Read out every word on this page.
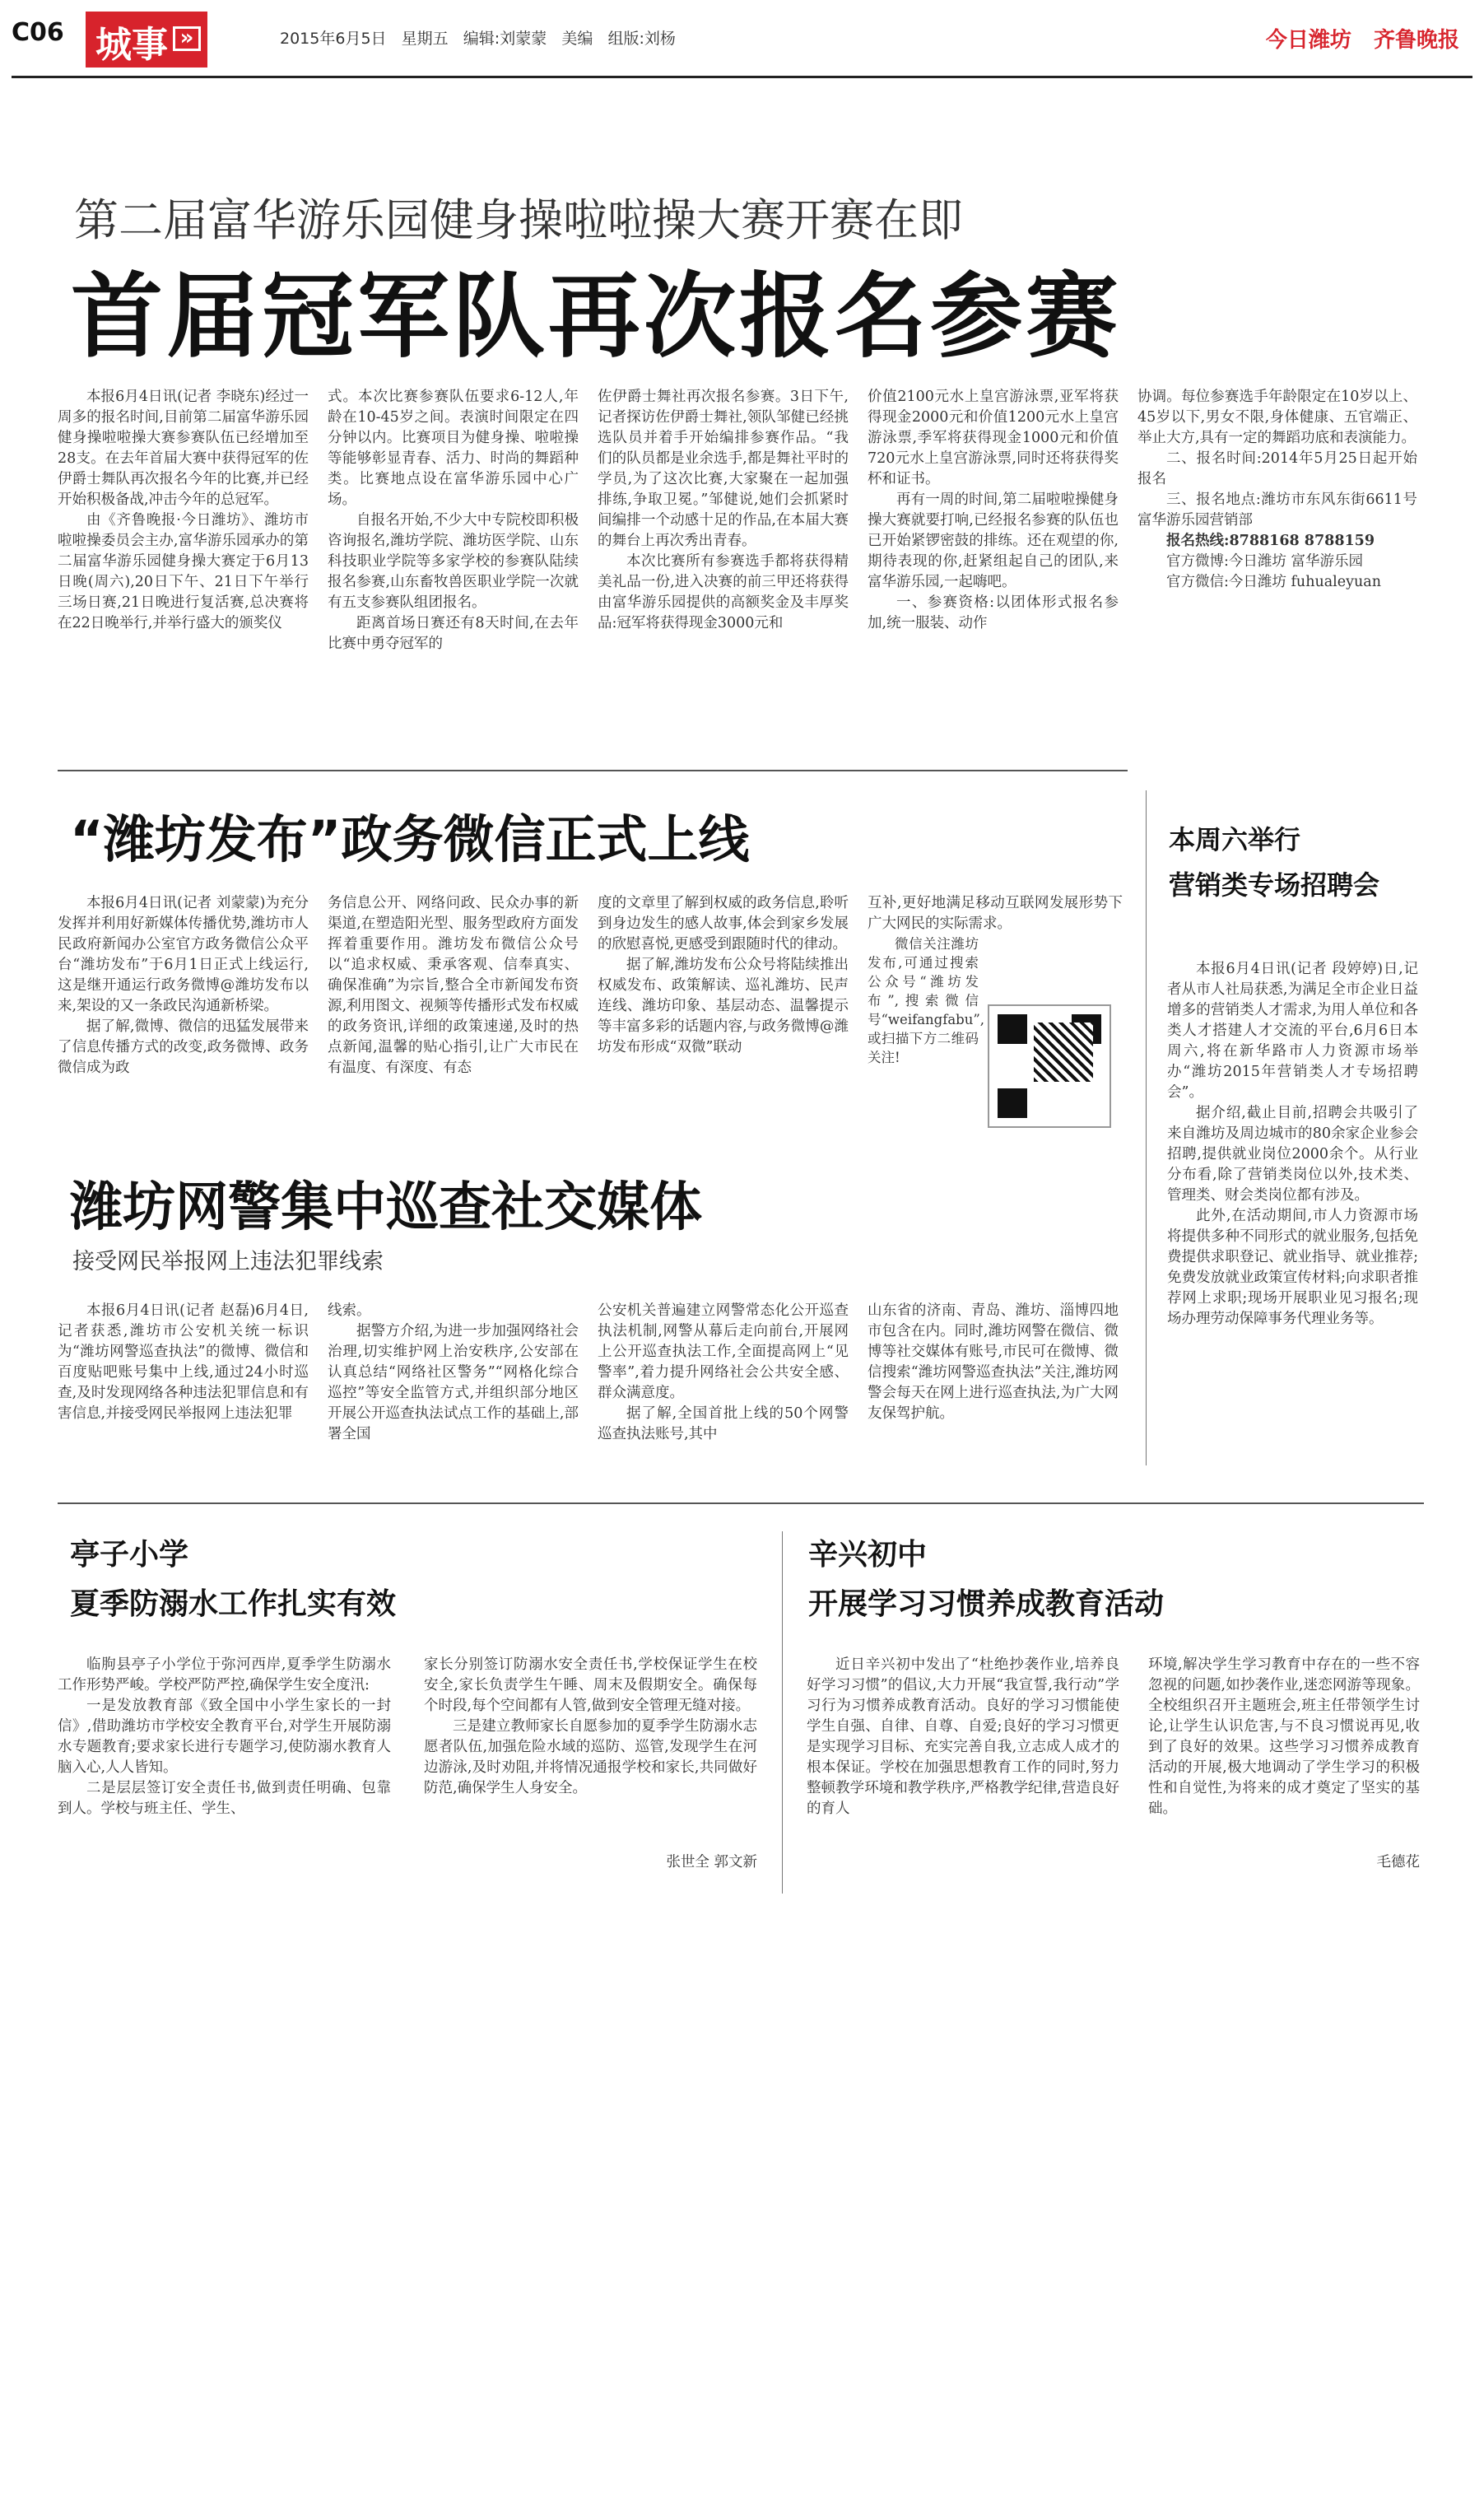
C06 城事 »	2015年6月5日 星期五 编辑:刘蒙蒙 美编 组版:刘杨	今日潍坊 齐鲁晚报
第二届富华游乐园健身操啦啦操大赛开赛在即
首届冠军队再次报名参赛

本报6月4日讯(记者 李晓东)经过一周多的报名时间,目前第二届富华游乐园健身操啦啦操大赛参赛队伍已经增加至28支。在去年首届大赛中获得冠军的佐伊爵士舞队再次报名今年的比赛,并已经开始积极备战,冲击今年的总冠军。

由《齐鲁晚报·今日潍坊》、潍坊市啦啦操委员会主办,富华游乐园承办的第二届富华游乐园健身操大赛定于6月13日晚(周六),20日下午、21日下午举行三场日赛,21日晚进行复活赛,总决赛将在22日晚举行,并举行盛大的颁奖仪

式。本次比赛参赛队伍要求6-12人,年龄在10-45岁之间。表演时间限定在四分钟以内。比赛项目为健身操、啦啦操等能够彰显青春、活力、时尚的舞蹈种类。比赛地点设在富华游乐园中心广场。

自报名开始,不少大中专院校即积极咨询报名,潍坊学院、潍坊医学院、山东科技职业学院等多家学校的参赛队陆续报名参赛,山东畜牧兽医职业学院一次就有五支参赛队组团报名。

距离首场日赛还有8天时间,在去年比赛中勇夺冠军的

佐伊爵士舞社再次报名参赛。3日下午,记者探访佐伊爵士舞社,领队邹健已经挑选队员并着手开始编排参赛作品。“我们的队员都是业余选手,都是舞社平时的学员,为了这次比赛,大家聚在一起加强排练,争取卫冕。”邹健说,她们会抓紧时间编排一个动感十足的作品,在本届大赛的舞台上再次秀出青春。

本次比赛所有参赛选手都将获得精美礼品一份,进入决赛的前三甲还将获得由富华游乐园提供的高额奖金及丰厚奖品:冠军将获得现金3000元和

价值2100元水上皇宫游泳票,亚军将获得现金2000元和价值1200元水上皇宫游泳票,季军将获得现金1000元和价值720元水上皇宫游泳票,同时还将获得奖杯和证书。

再有一周的时间,第二届啦啦操健身操大赛就要打响,已经报名参赛的队伍也已开始紧锣密鼓的排练。还在观望的你,期待表现的你,赶紧组起自己的团队,来富华游乐园,一起嗨吧。

一、参赛资格:以团体形式报名参加,统一服装、动作

协调。每位参赛选手年龄限定在10岁以上、45岁以下,男女不限,身体健康、五官端正、举止大方,具有一定的舞蹈功底和表演能力。

二、报名时间:2014年5月25日起开始报名

三、报名地点:潍坊市东风东街6611号富华游乐园营销部

报名热线:8788168 8788159

官方微博:今日潍坊 富华游乐园

官方微信:今日潍坊 fuhualeyuan

“潍坊发布”政务微信正式上线

本报6月4日讯(记者 刘蒙蒙)为充分发挥并利用好新媒体传播优势,潍坊市人民政府新闻办公室官方政务微信公众平台“潍坊发布”于6月1日正式上线运行,这是继开通运行政务微博@潍坊发布以来,架设的又一条政民沟通新桥梁。

据了解,微博、微信的迅猛发展带来了信息传播方式的改变,政务微博、政务微信成为政

务信息公开、网络问政、民众办事的新渠道,在塑造阳光型、服务型政府方面发挥着重要作用。潍坊发布微信公众号以“追求权威、秉承客观、信奉真实、确保准确”为宗旨,整合全市新闻发布资源,利用图文、视频等传播形式发布权威的政务资讯,详细的政策速递,及时的热点新闻,温馨的贴心指引,让广大市民在有温度、有深度、有态

度的文章里了解到权威的政务信息,聆听到身边发生的感人故事,体会到家乡发展的欣慰喜悦,更感受到跟随时代的律动。

据了解,潍坊发布公众号将陆续推出权威发布、政策解读、巡礼潍坊、民声连线、潍坊印象、基层动态、温馨提示等丰富多彩的话题内容,与政务微博@潍坊发布形成“双微”联动

互补,更好地满足移动互联网发展形势下广大网民的实际需求。

微信关注潍坊发布,可通过搜索公众号“潍坊发布”,搜索微信号“weifangfabu”,或扫描下方二维码关注!

潍坊网警集中巡查社交媒体
接受网民举报网上违法犯罪线索

本报6月4日讯(记者 赵磊)6月4日,记者获悉,潍坊市公安机关统一标识为“潍坊网警巡查执法”的微博、微信和百度贴吧账号集中上线,通过24小时巡查,及时发现网络各种违法犯罪信息和有害信息,并接受网民举报网上违法犯罪

线索。

据警方介绍,为进一步加强网络社会治理,切实维护网上治安秩序,公安部在认真总结“网络社区警务”“网格化综合巡控”等安全监管方式,并组织部分地区开展公开巡查执法试点工作的基础上,部署全国

公安机关普遍建立网警常态化公开巡查执法机制,网警从幕后走向前台,开展网上公开巡查执法工作,全面提高网上“见警率”,着力提升网络社会公共安全感、群众满意度。

据了解,全国首批上线的50个网警巡查执法账号,其中

山东省的济南、青岛、潍坊、淄博四地市包含在内。同时,潍坊网警在微信、微博等社交媒体有账号,市民可在微博、微信搜索“潍坊网警巡查执法”关注,潍坊网警会每天在网上进行巡查执法,为广大网友保驾护航。

本周六举行
营销类专场招聘会

本报6月4日讯(记者 段婷婷)日,记者从市人社局获悉,为满足全市企业日益增多的营销类人才需求,为用人单位和各类人才搭建人才交流的平台,6月6日本周六,将在新华路市人力资源市场举办“潍坊2015年营销类人才专场招聘会”。

据介绍,截止目前,招聘会共吸引了来自潍坊及周边城市的80余家企业参会招聘,提供就业岗位2000余个。从行业分布看,除了营销类岗位以外,技术类、管理类、财会类岗位都有涉及。

此外,在活动期间,市人力资源市场将提供多种不同形式的就业服务,包括免费提供求职登记、就业指导、就业推荐;免费发放就业政策宣传材料;向求职者推荐网上求职;现场开展职业见习报名;现场办理劳动保障事务代理业务等。

亭子小学
夏季防溺水工作扎实有效

临朐县亭子小学位于弥河西岸,夏季学生防溺水工作形势严峻。学校严防严控,确保学生安全度汛:

一是发放教育部《致全国中小学生家长的一封信》,借助潍坊市学校安全教育平台,对学生开展防溺水专题教育;要求家长进行专题学习,使防溺水教育人脑入心,人人皆知。

二是层层签订安全责任书,做到责任明确、包靠到人。学校与班主任、学生、

家长分别签订防溺水安全责任书,学校保证学生在校安全,家长负责学生午睡、周末及假期安全。确保每个时段,每个空间都有人管,做到安全管理无缝对接。

三是建立教师家长自愿参加的夏季学生防溺水志愿者队伍,加强危险水域的巡防、巡管,发现学生在河边游泳,及时劝阻,并将情况通报学校和家长,共同做好防范,确保学生人身安全。

张世全 郭文新
辛兴初中
开展学习习惯养成教育活动

近日辛兴初中发出了“杜绝抄袭作业,培养良好学习习惯”的倡议,大力开展“我宣誓,我行动”学习行为习惯养成教育活动。良好的学习习惯能使学生自强、自律、自尊、自爱;良好的学习习惯更是实现学习目标、充实完善自我,立志成人成才的根本保证。学校在加强思想教育工作的同时,努力整顿教学环境和教学秩序,严格教学纪律,营造良好的育人

环境,解决学生学习教育中存在的一些不容忽视的问题,如抄袭作业,迷恋网游等现象。全校组织召开主题班会,班主任带领学生讨论,让学生认识危害,与不良习惯说再见,收到了良好的效果。这些学习习惯养成教育活动的开展,极大地调动了学生学习的积极性和自觉性,为将来的成才奠定了坚实的基础。

毛德花
